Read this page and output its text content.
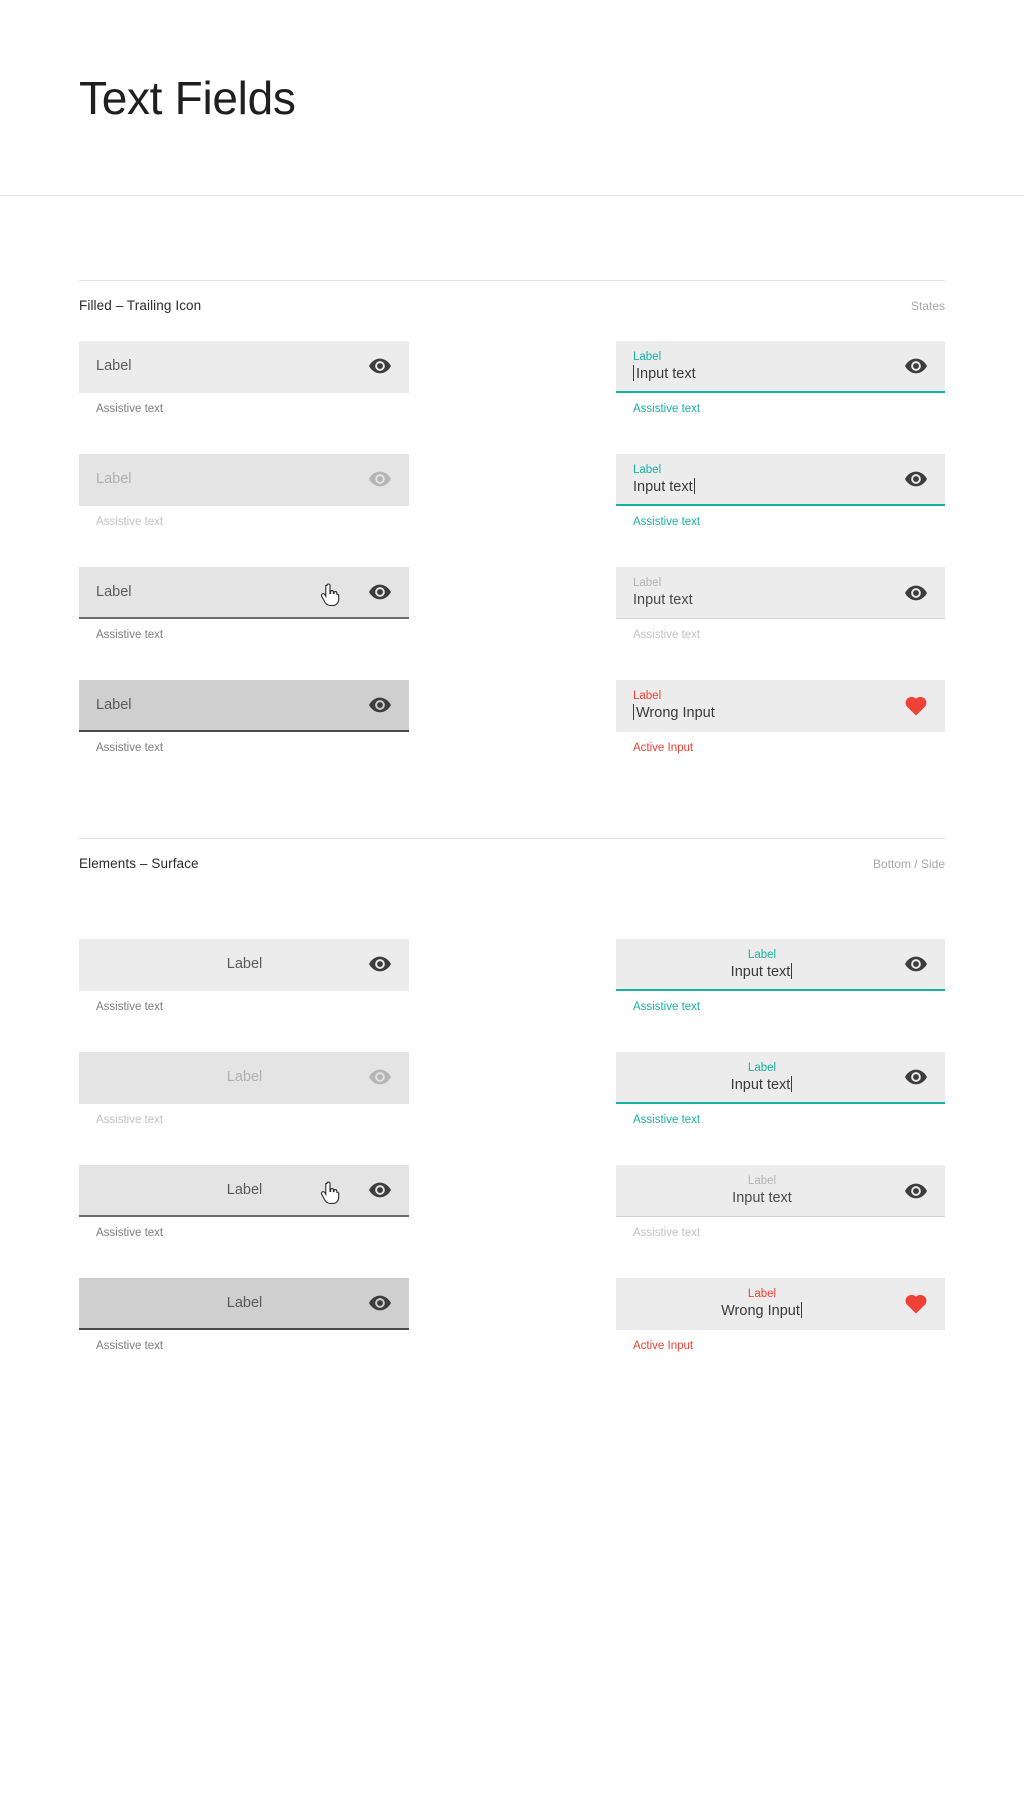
Text Fields
Filled – Trailing Icon	States
Label
Assistive text
Label
Assistive text
Label
Assistive text
Label
Assistive text
Label
Input text
Assistive text
Label
Input text
Assistive text
Label
Input text
Assistive text
Label
Wrong Input
Active Input
Elements – Surface	Bottom / Side
Label
Assistive text
Label
Assistive text
Label
Assistive text
Label
Assistive text
Label
Input text
Assistive text
Label
Input text
Assistive text
Label
Input text
Assistive text
Label
Wrong Input
Active Input
